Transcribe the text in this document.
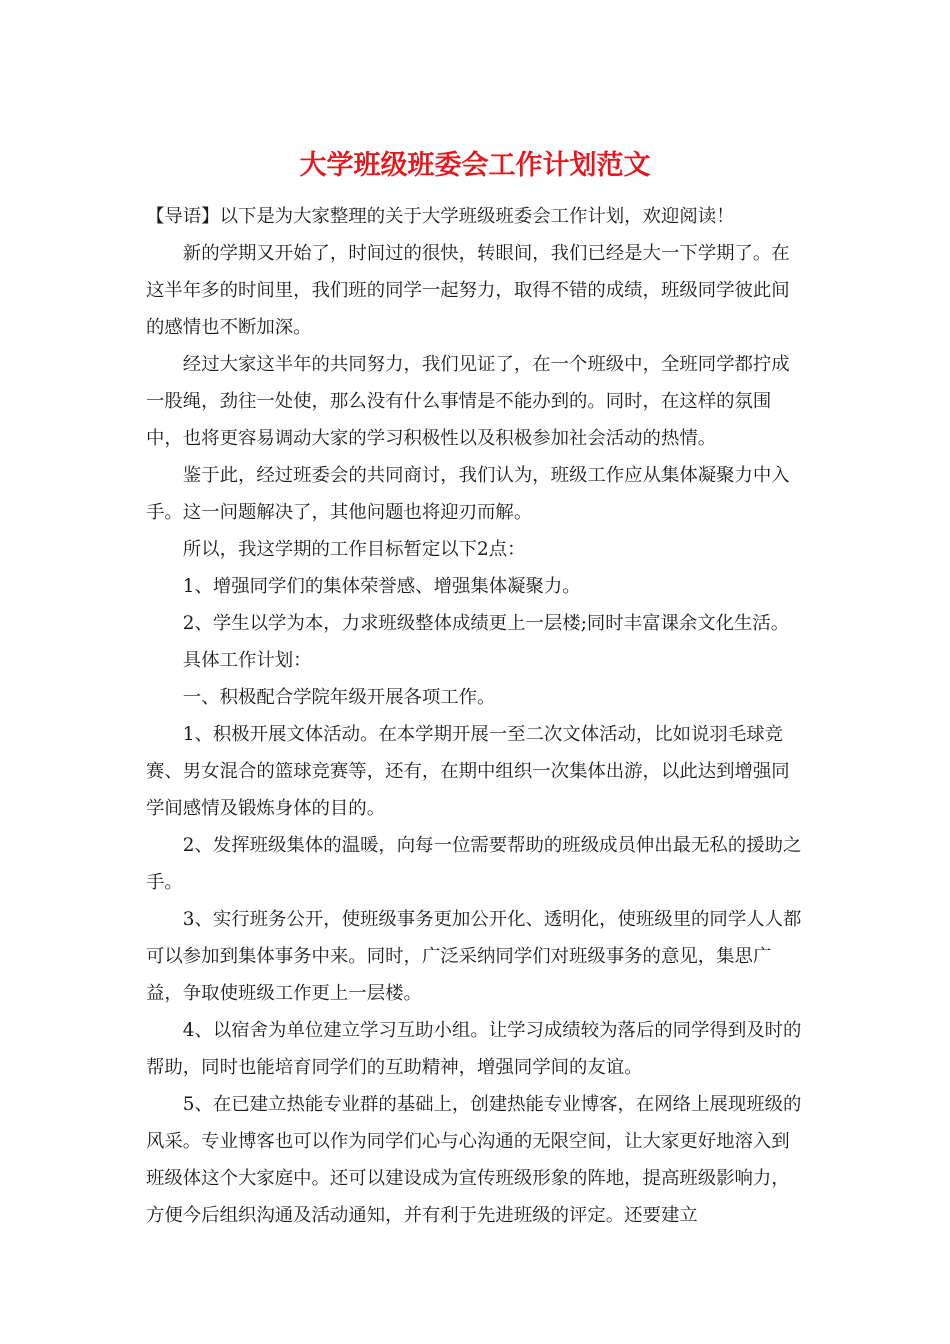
大学班级班委会工作计划范文

【导语】以下是为大家整理的关于大学班级班委会工作计划，欢迎阅读！

新的学期又开始了，时间过的很快，转眼间，我们已经是大一下学期了。在这半年多的时间里，我们班的同学一起努力，取得不错的成绩，班级同学彼此间的感情也不断加深。

经过大家这半年的共同努力，我们见证了，在一个班级中，全班同学都拧成一股绳，劲往一处使，那么没有什么事情是不能办到的。同时，在这样的氛围中，也将更容易调动大家的学习积极性以及积极参加社会活动的热情。

鉴于此，经过班委会的共同商讨，我们认为，班级工作应从集体凝聚力中入手。这一问题解决了，其他问题也将迎刃而解。

所以，我这学期的工作目标暂定以下2点：

1、增强同学们的集体荣誉感、增强集体凝聚力。

2、学生以学为本，力求班级整体成绩更上一层楼;同时丰富课余文化生活。

具体工作计划：

一、积极配合学院年级开展各项工作。

1、积极开展文体活动。在本学期开展一至二次文体活动，比如说羽毛球竞赛、男女混合的篮球竞赛等，还有，在期中组织一次集体出游，以此达到增强同学间感情及锻炼身体的目的。

2、发挥班级集体的温暖，向每一位需要帮助的班级成员伸出最无私的援助之手。

3、实行班务公开，使班级事务更加公开化、透明化，使班级里的同学人人都可以参加到集体事务中来。同时，广泛采纳同学们对班级事务的意见，集思广益，争取使班级工作更上一层楼。

4、以宿舍为单位建立学习互助小组。让学习成绩较为落后的同学得到及时的帮助，同时也能培育同学们的互助精神，增强同学间的友谊。

5、在已建立热能专业群的基础上，创建热能专业博客，在网络上展现班级的风采。专业博客也可以作为同学们心与心沟通的无限空间，让大家更好地溶入到班级体这个大家庭中。还可以建设成为宣传班级形象的阵地，提高班级影响力，方便今后组织沟通及活动通知，并有利于先进班级的评定。还要建立
